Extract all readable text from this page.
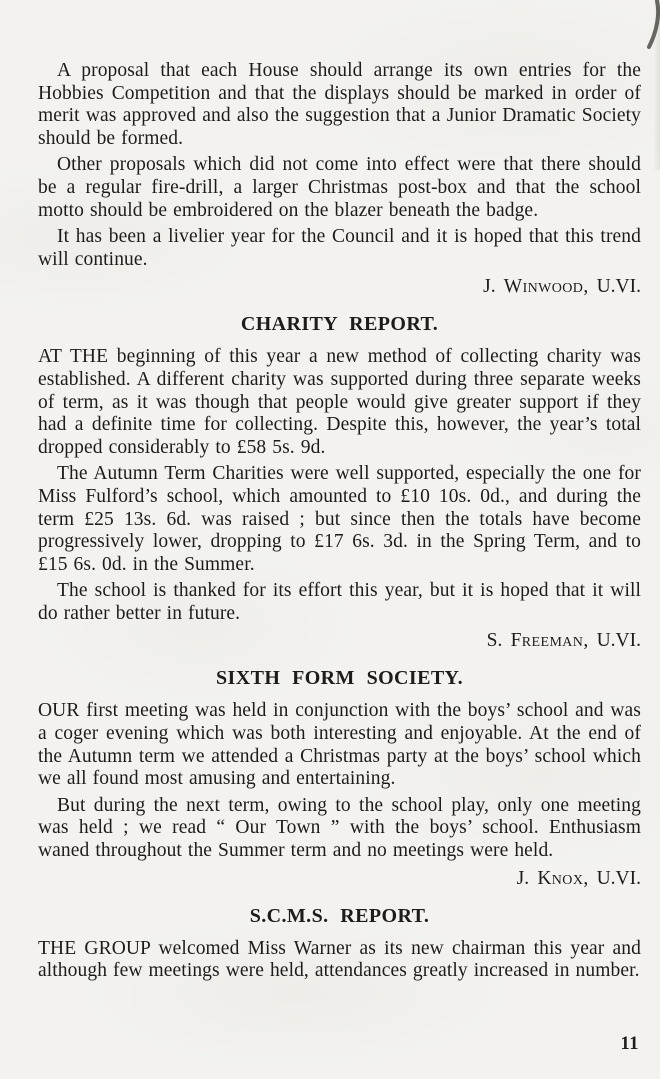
A proposal that each House should arrange its own entries for the Hobbies Competition and that the displays should be marked in order of merit was approved and also the suggestion that a Junior Dramatic Society should be formed.

Other proposals which did not come into effect were that there should be a regular fire-drill, a larger Christmas post-box and that the school motto should be embroidered on the blazer beneath the badge.

It has been a livelier year for the Council and it is hoped that this trend will continue.

J. Winwood, U.VI.
CHARITY REPORT.

AT THE beginning of this year a new method of collecting charity was established. A different charity was supported during three separate weeks of term, as it was though that people would give greater support if they had a definite time for collecting. Despite this, however, the year’s total dropped considerably to £58 5s. 9d.

The Autumn Term Charities were well supported, especially the one for Miss Fulford’s school, which amounted to £10 10s. 0d., and during the term £25 13s. 6d. was raised ; but since then the totals have become progressively lower, dropping to £17 6s. 3d. in the Spring Term, and to £15 6s. 0d. in the Summer.

The school is thanked for its effort this year, but it is hoped that it will do rather better in future.

S. Freeman, U.VI.
SIXTH FORM SOCIETY.

OUR first meeting was held in conjunction with the boys’ school and was a coger evening which was both interesting and enjoyable. At the end of the Autumn term we attended a Christmas party at the boys’ school which we all found most amusing and entertaining.

But during the next term, owing to the school play, only one meeting was held ; we read “ Our Town ” with the boys’ school. Enthusiasm waned throughout the Summer term and no meetings were held.

J. Knox, U.VI.
S.C.M.S. REPORT.

THE GROUP welcomed Miss Warner as its new chairman this year and although few meetings were held, attendances greatly increased in number.

11
